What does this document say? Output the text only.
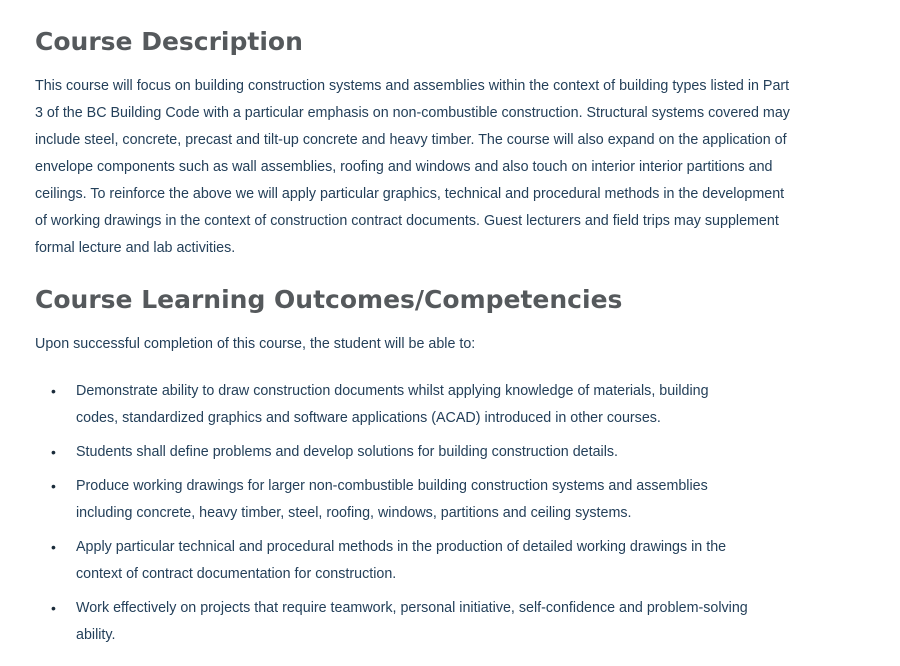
Course Description

This course will focus on building construction systems and assemblies within the context of building types listed in Part
3 of the BC Building Code with a particular emphasis on non-combustible construction. Structural systems covered may
include steel, concrete, precast and tilt-up concrete and heavy timber. The course will also expand on the application of
envelope components such as wall assemblies, roofing and windows and also touch on interior interior partitions and
ceilings. To reinforce the above we will apply particular graphics, technical and procedural methods in the development
of working drawings in the context of construction contract documents. Guest lecturers and field trips may supplement
formal lecture and lab activities.

Course Learning Outcomes/Competencies

Upon successful completion of this course, the student will be able to:

• Demonstrate ability to draw construction documents whilst applying knowledge of materials, building
codes, standardized graphics and software applications (ACAD) introduced in other courses.
• Students shall define problems and develop solutions for building construction details.
• Produce working drawings for larger non-combustible building construction systems and assemblies
including concrete, heavy timber, steel, roofing, windows, partitions and ceiling systems.
• Apply particular technical and procedural methods in the production of detailed working drawings in the
context of contract documentation for construction.
• Work effectively on projects that require teamwork, personal initiative, self-confidence and problem-solving
ability.
